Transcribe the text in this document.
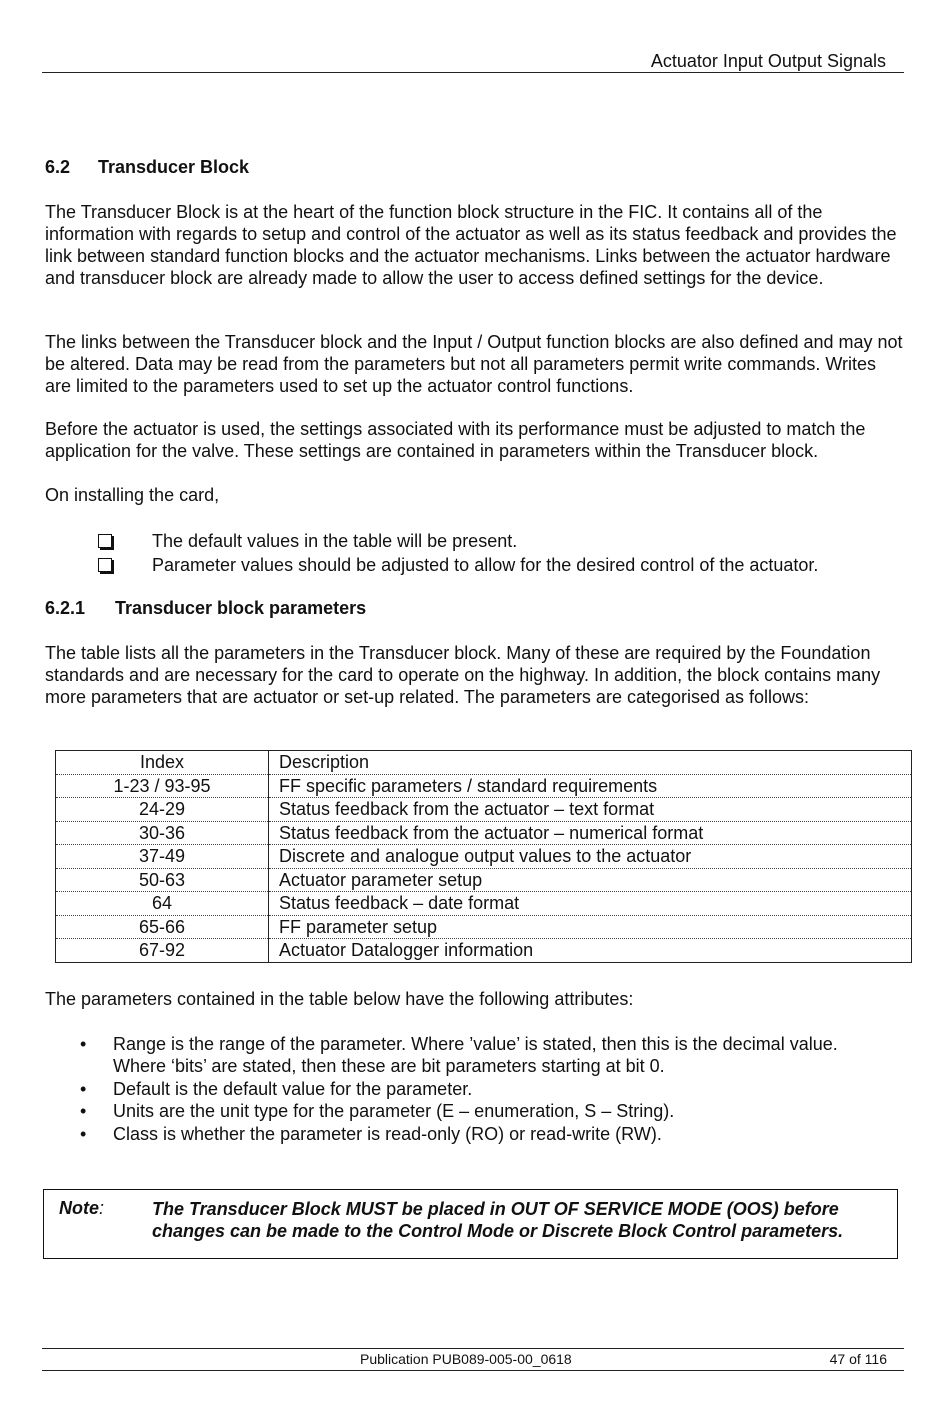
Actuator Input Output Signals
6.2 Transducer Block
The Transducer Block is at the heart of the function block structure in the FIC. It contains all of the information with regards to setup and control of the actuator as well as its status feedback and provides the link between standard function blocks and the actuator mechanisms. Links between the actuator hardware and transducer block are already made to allow the user to access defined settings for the device.
The links between the Transducer block and the Input / Output function blocks are also defined and may not be altered. Data may be read from the parameters but not all parameters permit write commands. Writes are limited to the parameters used to set up the actuator control functions.
Before the actuator is used, the settings associated with its performance must be adjusted to match the application for the valve. These settings are contained in parameters within the Transducer block.
On installing the card,
The default values in the table will be present.
Parameter values should be adjusted to allow for the desired control of the actuator.
6.2.1 Transducer block parameters
The table lists all the parameters in the Transducer block. Many of these are required by the Foundation standards and are necessary for the card to operate on the highway. In addition, the block contains many more parameters that are actuator or set-up related. The parameters are categorised as follows:
Index	Description
1-23 / 93-95	FF specific parameters / standard requirements
24-29	Status feedback from the actuator – text format
30-36	Status feedback from the actuator – numerical format
37-49	Discrete and analogue output values to the actuator
50-63	Actuator parameter setup
64	Status feedback – date format
65-66	FF parameter setup
67-92	Actuator Datalogger information
The parameters contained in the table below have the following attributes:
• Range is the range of the parameter. Where ’value’ is stated, then this is the decimal value.
Where ‘bits’ are stated, then these are bit parameters starting at bit 0.
• Default is the default value for the parameter.
• Units are the unit type for the parameter (E – enumeration, S – String).
• Class is whether the parameter is read-only (RO) or read-write (RW).
Note:	The Transducer Block MUST be placed in OUT OF SERVICE MODE (OOS) before
changes can be made to the Control Mode or Discrete Block Control parameters.
Publication PUB089-005-00_0618	47 of 116
